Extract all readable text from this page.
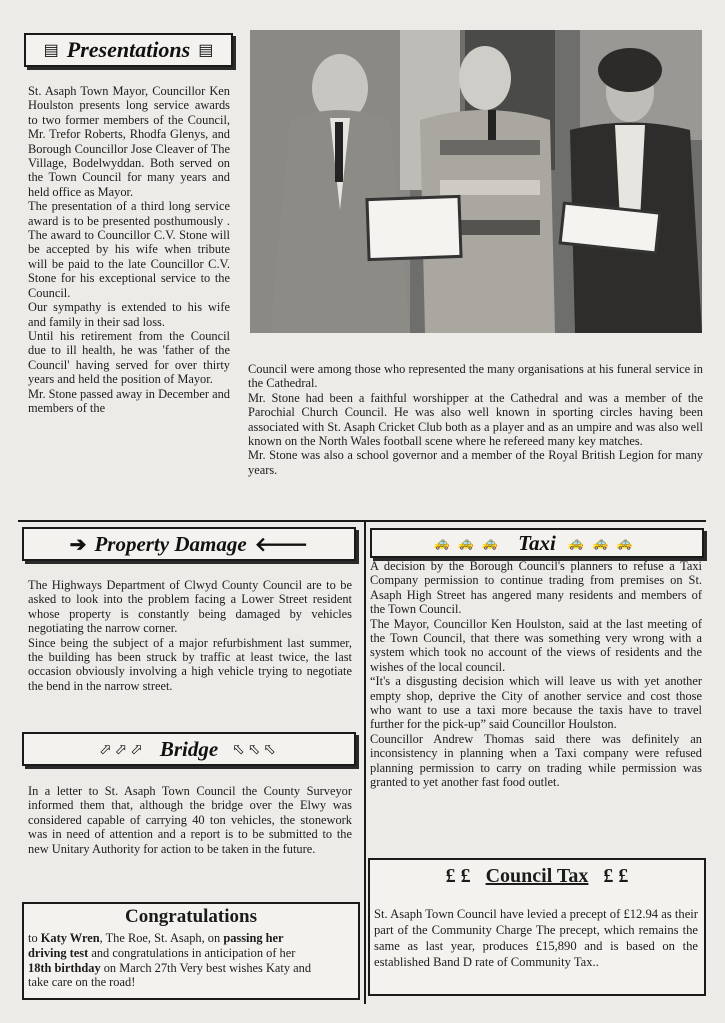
▤ Presentations ▤

St. Asaph Town Mayor, Councillor Ken Houlston presents long service awards to two former members of the Council, Mr. Trefor Roberts, Rhodfa Glenys, and Borough Councillor Jose Cleaver of The Village, Bodelwyddan. Both served on the Town Council for many years and held office as Mayor.

The presentation of a third long service award is to be presented posthumously . The award to Councillor C.V. Stone will be accepted by his wife when tribute will be paid to the late Councillor C.V. Stone for his exceptional service to the Council.

Our sympathy is extended to his wife and family in their sad loss.

Until his retirement from the Council due to ill health, he was 'father of the Council' having served for over thirty years and held the position of Mayor.

Mr. Stone passed away in December and members of the

Council were among those who represented the many organisations at his funeral service in the Cathedral.

Mr. Stone had been a faithful worshipper at the Cathedral and was a member of the Parochial Church Council. He was also well known in sporting circles having been associated with St. Asaph Cricket Club both as a player and as an umpire and was also well known on the North Wales football scene where he refereed many key matches.

Mr. Stone was also a school governor and a member of the Royal British Legion for many years.

➔ Property Damage 🡐

The Highways Department of Clwyd County Council are to be asked to look into the problem facing a Lower Street resident whose property is constantly being damaged by vehicles negotiating the narrow corner.

Since being the subject of a major refurbishment last summer, the building has been struck by traffic at least twice, the last occasion obviously involving a high vehicle trying to negotiate the bend in the narrow street.

⬀⬀⬀ Bridge ⬁⬁⬁

In a letter to St. Asaph Town Council the County Surveyor informed them that, although the bridge over the Elwy was considered capable of carrying 40 ton vehicles, the stonework was in need of attention and a report is to be submitted to the new Unitary Authority for action to be taken in the future.

Congratulations
to Katy Wren, The Roe, St. Asaph, on passing her
driving test and congratulations in anticipation of her
18th birthday on March 27th Very best wishes Katy and
take care on the road!
🚕🚕🚕 Taxi 🚕🚕🚕

A decision by the Borough Council's planners to refuse a Taxi Company permission to continue trading from premises on St. Asaph High Street has angered many residents and members of the Town Council.

The Mayor, Councillor Ken Houlston, said at the last meeting of the Town Council, that there was something very wrong with a system which took no account of the views of residents and the wishes of the local council.

“It's a disgusting decision which will leave us with yet another empty shop, deprive the City of another service and cost those who want to use a taxi more because the taxis have to travel further for the pick-up” said Councillor Houlston.

Councillor Andrew Thomas said there was definitely an inconsistency in planning when a Taxi company were refused planning permission to carry on trading while permission was granted to yet another fast food outlet.

£ £ Council Tax £ £

St. Asaph Town Council have levied a precept of £12.94 as their part of the Community Charge The precept, which remains the same as last year, produces £15,890 and is based on the established Band D rate of Community Tax..
